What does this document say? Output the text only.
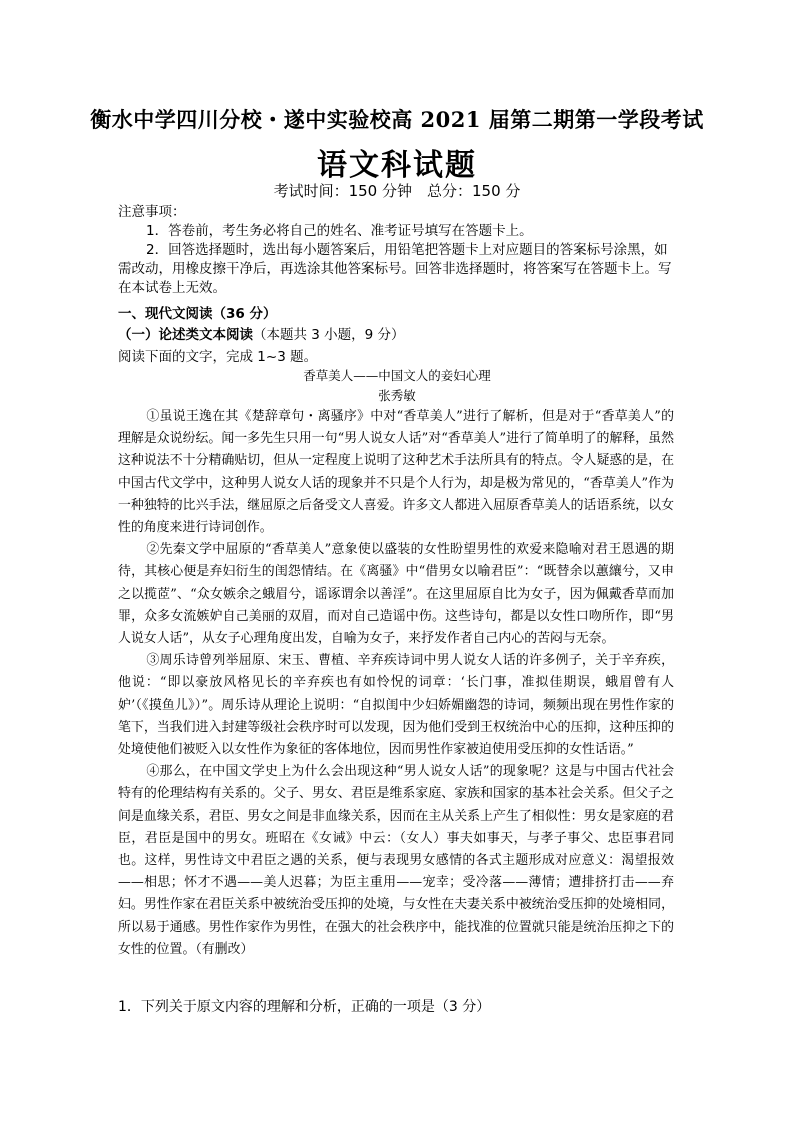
衡水中学四川分校・遂中实验校高 2021 届第二期第一学段考试
语文科试题
考试时间：150 分钟　总分：150 分
注意事项：
1．答卷前，考生务必将自己的姓名、准考证号填写在答题卡上。
2．回答选择题时，选出每小题答案后，用铅笔把答题卡上对应题目的答案标号涂黑，如需改动，用橡皮擦干净后，再选涂其他答案标号。回答非选择题时，将答案写在答题卡上。写在本试卷上无效。
一、现代文阅读（36 分）
（一）论述类文本阅读（本题共 3 小题，9 分）
阅读下面的文字，完成 1~3 题。
香草美人——中国文人的妾妇心理
张秀敏

①虽说王逸在其《楚辞章句・离骚序》中对“香草美人”进行了解析，但是对于“香草美人”的理解是众说纷纭。闻一多先生只用一句“男人说女人话”对“香草美人”进行了简单明了的解释，虽然这种说法不十分精确贴切，但从一定程度上说明了这种艺术手法所具有的特点。令人疑惑的是，在中国古代文学中，这种男人说女人话的现象并不只是个人行为，却是极为常见的，“香草美人”作为一种独特的比兴手法，继屈原之后备受文人喜爱。许多文人都进入屈原香草美人的话语系统，以女性的角度来进行诗词创作。

②先秦文学中屈原的“香草美人”意象使以盛装的女性盼望男性的欢爱来隐喻对君王恩遇的期待，其核心便是弃妇衍生的闺怨情结。在《离骚》中“借男女以喻君臣”：“既替余以蕙纕兮，又申之以揽茝”、“众女嫉余之蛾眉兮，谣诼谓余以善淫”。在这里屈原自比为女子，因为佩戴香草而加罪，众多女流嫉妒自己美丽的双眉，而对自己造谣中伤。这些诗句，都是以女性口吻所作，即“男人说女人话”，从女子心理角度出发，自喻为女子，来抒发作者自己内心的苦闷与无奈。

③周乐诗曾列举屈原、宋玉、曹植、辛弃疾诗词中男人说女人话的许多例子，关于辛弃疾，他说：“即以豪放风格见长的辛弃疾也有如怜怳的词章：‘长门事，准拟佳期误，蛾眉曾有人妒’（《摸鱼儿》）”。周乐诗从理论上说明：“自拟闺中少妇娇媚幽怨的诗词，频频出现在男性作家的笔下，当我们进入封建等级社会秩序时可以发现，因为他们受到王权统治中心的压抑，这种压抑的处境使他们被贬入以女性作为象征的客体地位，因而男性作家被迫使用受压抑的女性话语。”

④那么，在中国文学史上为什么会出现这种“男人说女人话”的现象呢？这是与中国古代社会特有的伦理结构有关系的。父子、男女、君臣是维系家庭、家族和国家的基本社会关系。但父子之间是血缘关系，君臣、男女之间是非血缘关系，因而在主从关系上产生了相似性：男女是家庭的君臣，君臣是国中的男女。班昭在《女诫》中云：（女人）事夫如事天，与孝子事父、忠臣事君同也。这样，男性诗文中君臣之遇的关系，便与表现男女感情的各式主题形成对应意义：渴望报效——相思；怀才不遇——美人迟暮；为臣主重用——宠幸；受冷落——薄情；遭排挤打击——弃妇。男性作家在君臣关系中被统治受压抑的处境，与女性在夫妻关系中被统治受压抑的处境相同，所以易于通感。男性作家作为男性，在强大的社会秩序中，能找准的位置就只能是统治压抑之下的女性的位置。（有删改）

1．下列关于原文内容的理解和分析，正确的一项是（3 分）
